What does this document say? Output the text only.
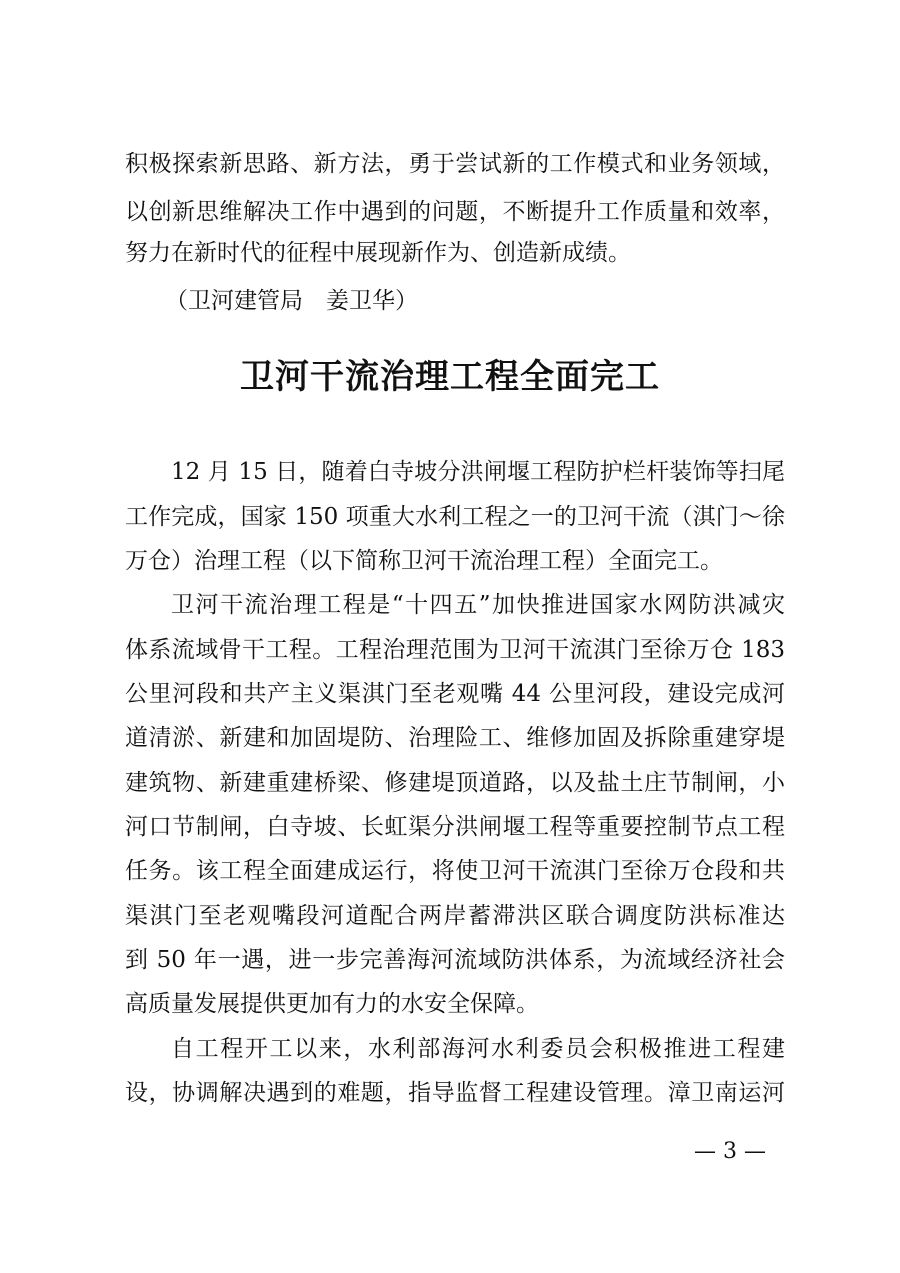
积极探索新思路、新方法，勇于尝试新的工作模式和业务领域，
以创新思维解决工作中遇到的问题，不断提升工作质量和效率，
努力在新时代的征程中展现新作为、创造新成绩。
（卫河建管局　姜卫华）
卫河干流治理工程全面完工
12 月 15 日，随着白寺坡分洪闸堰工程防护栏杆装饰等扫尾
工作完成，国家 150 项重大水利工程之一的卫河干流（淇门～徐
万仓）治理工程（以下简称卫河干流治理工程）全面完工。
卫河干流治理工程是“十四五”加快推进国家水网防洪减灾
体系流域骨干工程。工程治理范围为卫河干流淇门至徐万仓 183
公里河段和共产主义渠淇门至老观嘴 44 公里河段，建设完成河
道清淤、新建和加固堤防、治理险工、维修加固及拆除重建穿堤
建筑物、新建重建桥梁、修建堤顶道路，以及盐土庄节制闸，小
河口节制闸，白寺坡、长虹渠分洪闸堰工程等重要控制节点工程
任务。该工程全面建成运行，将使卫河干流淇门至徐万仓段和共
渠淇门至老观嘴段河道配合两岸蓄滞洪区联合调度防洪标准达
到 50 年一遇，进一步完善海河流域防洪体系，为流域经济社会
高质量发展提供更加有力的水安全保障。
自工程开工以来，水利部海河水利委员会积极推进工程建
设，协调解决遇到的难题，指导监督工程建设管理。漳卫南运河
— 3 —
